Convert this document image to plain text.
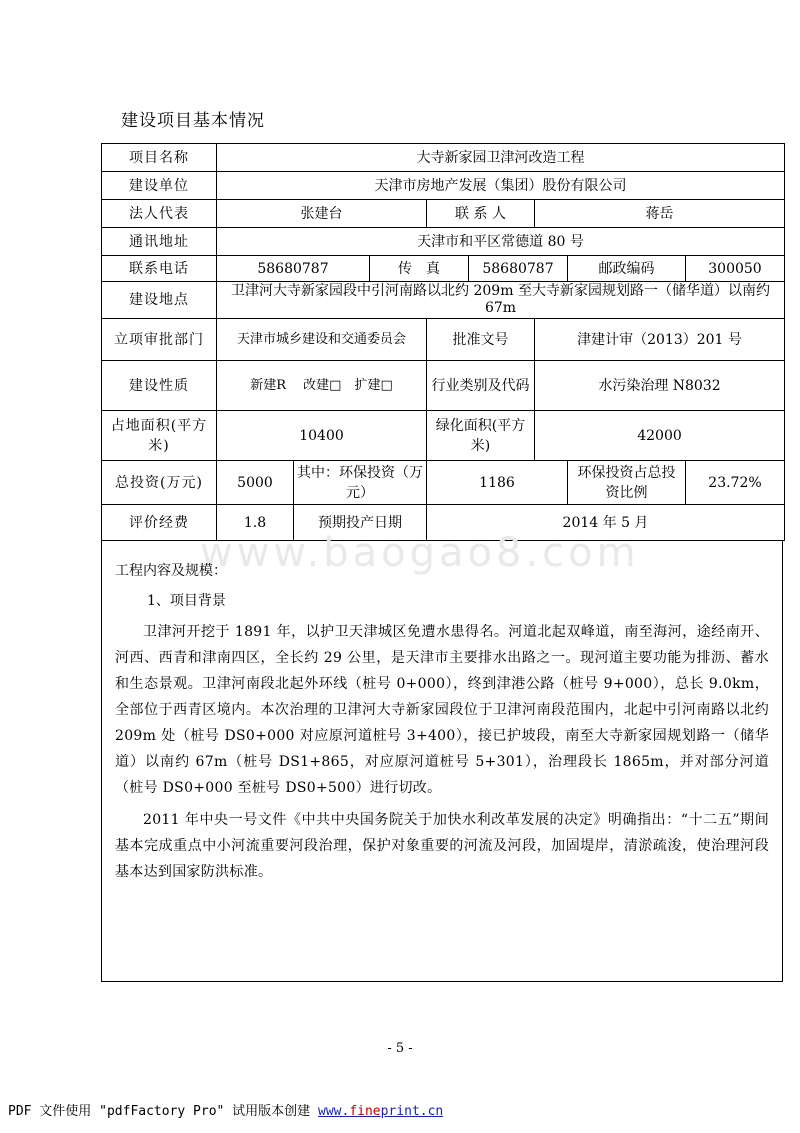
建设项目基本情况
项目名称	大寺新家园卫津河改造工程							
建设单位	天津市房地产发展（集团）股份有限公司							
法人代表	张建台			联 系 人		蒋岳		
通讯地址	天津市和平区常德道 80 号							
联系电话	58680787		传　真		58680787		邮政编码	300050
建设地点	卫津河大寺新家园段中引河南路以北约 209m 至大寺新家园规划路一（储华道）以南约 67m							
立项审批部门	天津市城乡建设和交通委员会			批准文号		津建计审（2013）201 号		
建设性质	新建R　 改建□　扩建□			行业类别及代码		水污染治理 N8032		
占地面积(平方米)	10400			绿化面积(平方米)		42000		
总投资(万元)	5000	其中：环保投资（万元）		1186			环保投资占总投资比例	23.72%
评价经费	1.8	预期投产日期		2014 年 5 月				
www.baogao8.com
工程内容及规模：
1、项目背景

卫津河开挖于 1891 年，以护卫天津城区免遭水患得名。河道北起双峰道，南至海河，途经南开、河西、西青和津南四区，全长约 29 公里，是天津市主要排水出路之一。现河道主要功能为排沥、蓄水和生态景观。卫津河南段北起外环线（桩号 0+000），终到津港公路（桩号 9+000），总长 9.0km，全部位于西青区境内。本次治理的卫津河大寺新家园段位于卫津河南段范围内，北起中引河南路以北约 209m 处（桩号 DS0+000 对应原河道桩号 3+400），接已护坡段，南至大寺新家园规划路一（储华道）以南约 67m（桩号 DS1+865，对应原河道桩号 5+301），治理段长 1865m，并对部分河道（桩号 DS0+000 至桩号 DS0+500）进行切改。

2011 年中央一号文件《中共中央国务院关于加快水利改革发展的决定》明确指出：“十二五”期间基本完成重点中小河流重要河段治理，保护对象重要的河流及河段，加固堤岸，清淤疏浚，使治理河段基本达到国家防洪标准。

- 5 -
PDF 文件使用 "pdfFactory Pro" 试用版本创建 www.fineprint.cn
